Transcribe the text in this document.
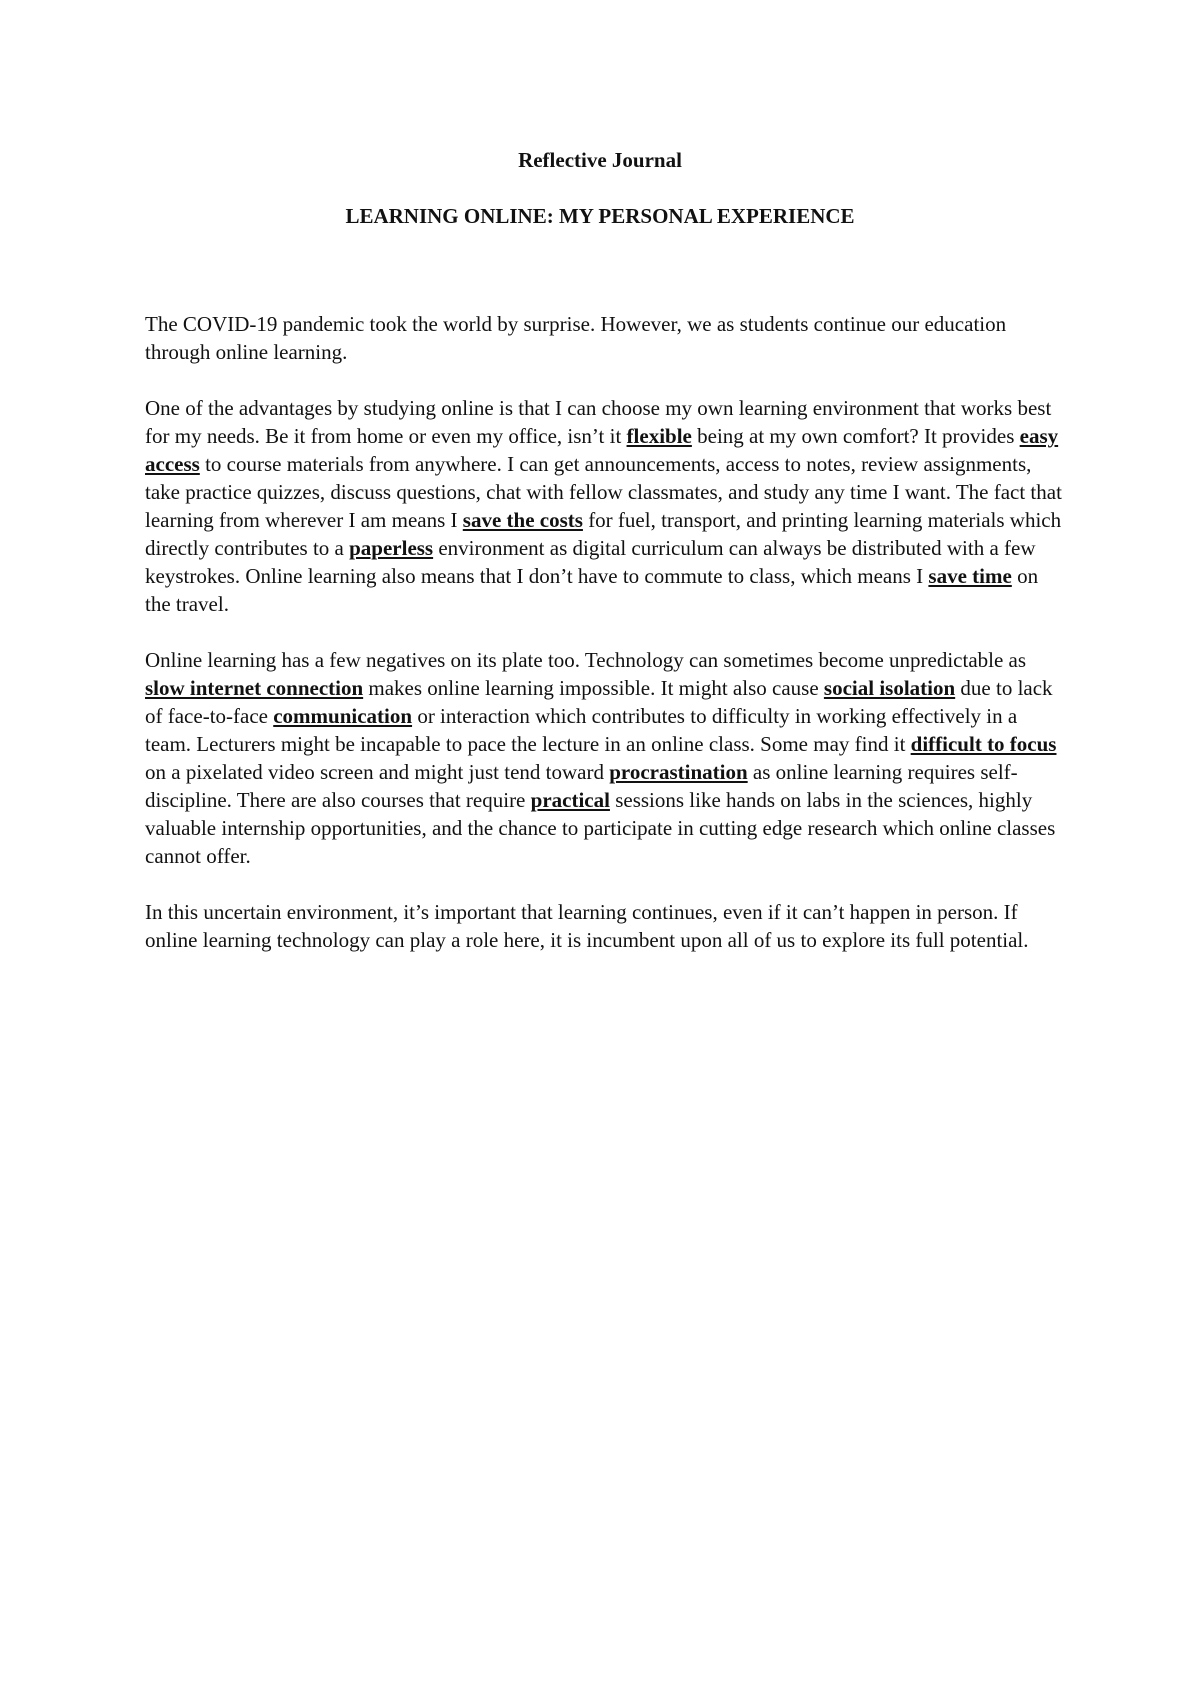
Reflective Journal
LEARNING ONLINE: MY PERSONAL EXPERIENCE

The COVID-19 pandemic took the world by surprise. However, we as students continue our education through online learning.

One of the advantages by studying online is that I can choose my own learning environment that works best for my needs. Be it from home or even my office, isn’t it flexible being at my own comfort? It provides easy access to course materials from anywhere. I can get announcements, access to notes, review assignments, take practice quizzes, discuss questions, chat with fellow classmates, and study any time I want. The fact that learning from wherever I am means I save the costs for fuel, transport, and printing learning materials which directly contributes to a paperless environment as digital curriculum can always be distributed with a few keystrokes. Online learning also means that I don’t have to commute to class, which means I save time on the travel.

Online learning has a few negatives on its plate too. Technology can sometimes become unpredictable as slow internet connection makes online learning impossible. It might also cause social isolation due to lack of face-to-face communication or interaction which contributes to difficulty in working effectively in a team. Lecturers might be incapable to pace the lecture in an online class. Some may find it difficult to focus on a pixelated video screen and might just tend toward procrastination as online learning requires self-discipline. There are also courses that require practical sessions like hands on labs in the sciences, highly valuable internship opportunities, and the chance to participate in cutting edge research which online classes cannot offer.

In this uncertain environment, it’s important that learning continues, even if it can’t happen in person. If online learning technology can play a role here, it is incumbent upon all of us to explore its full potential.
